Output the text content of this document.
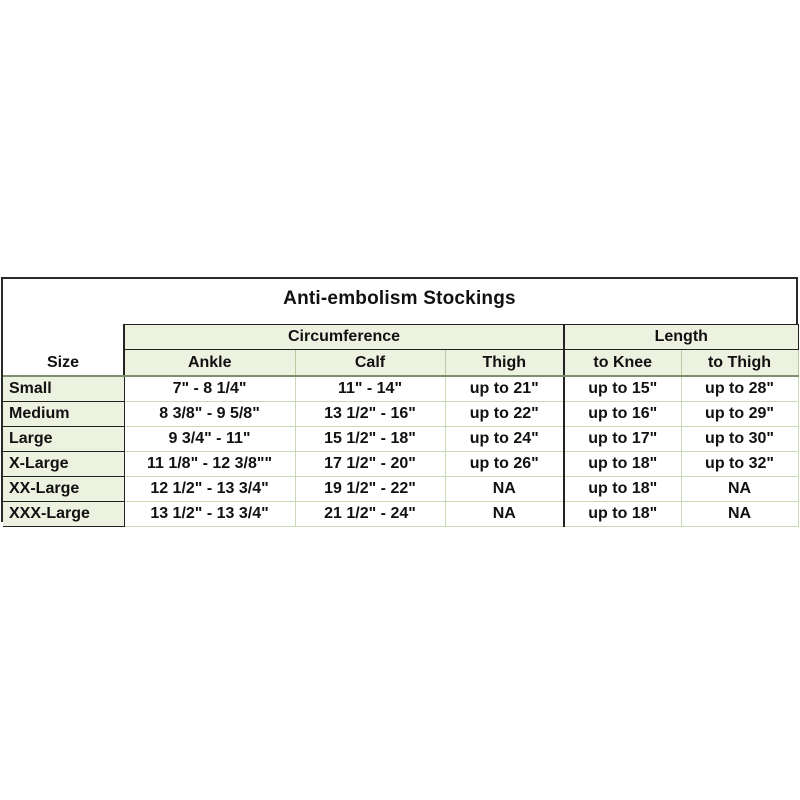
Anti-embolism Stockings
Size	Circumference			Length	
	Ankle	Calf	Thigh	to Knee	to Thigh
Small	7" - 8 1/4"	11" - 14"	up to 21"	up to 15"	up to 28"
Medium	8 3/8" - 9 5/8"	13 1/2" - 16"	up to 22"	up to 16"	up to 29"
Large	9 3/4" - 11"	15 1/2" - 18"	up to 24"	up to 17"	up to 30"
X-Large	11 1/8" - 12 3/8""	17 1/2" - 20"	up to 26"	up to 18"	up to 32"
XX-Large	12 1/2" - 13 3/4"	19 1/2" - 22"	NA	up to 18"	NA
XXX-Large	13 1/2" - 13 3/4"	21 1/2" - 24"	NA	up to 18"	NA
